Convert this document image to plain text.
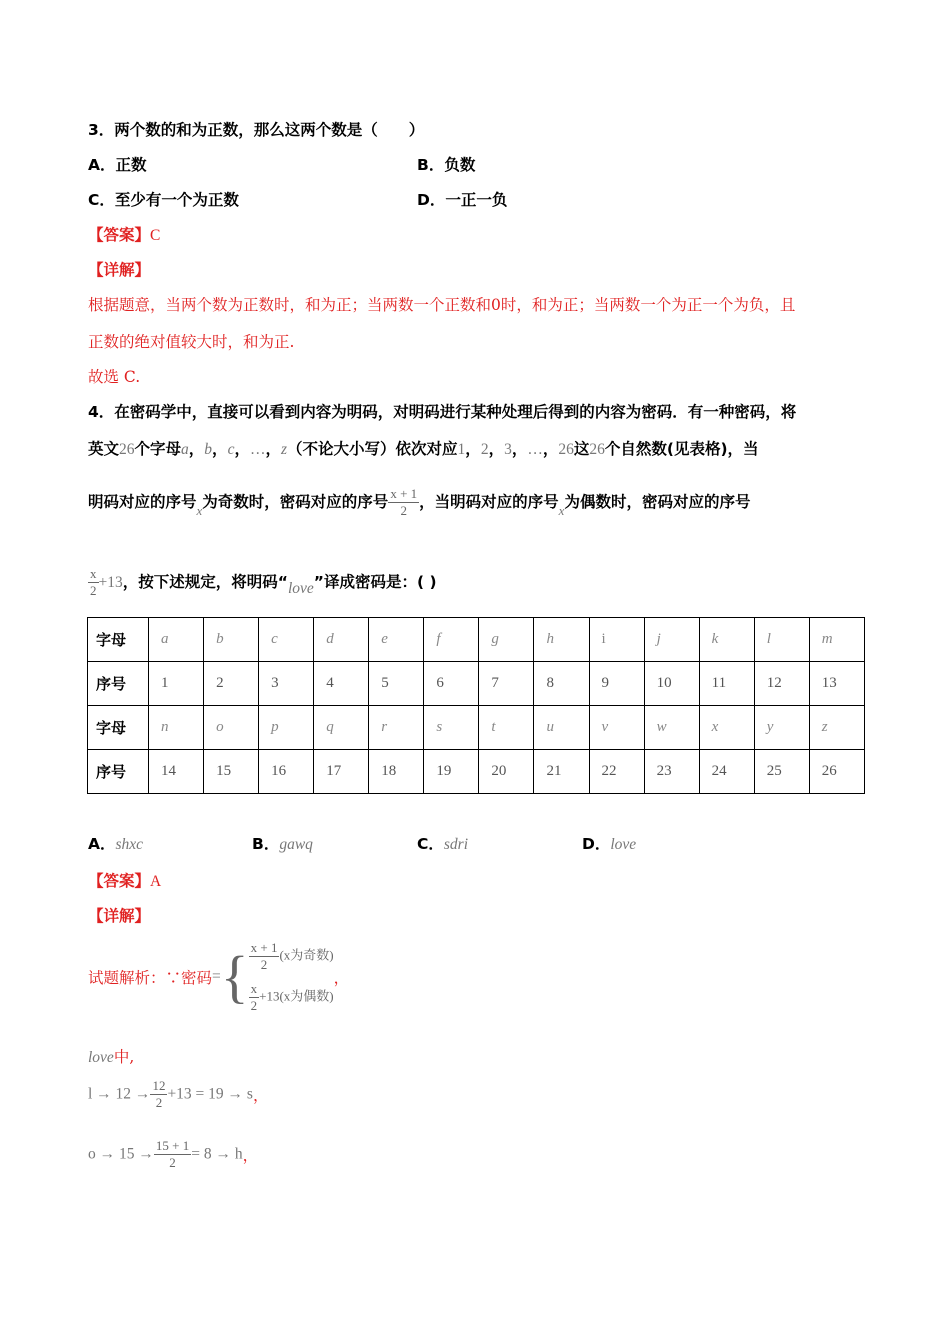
3．两个数的和为正数，那么这两个数是（　　）
A．正数	B．负数
C．至少有一个为正数	D．一正一负
【答案】C
【详解】
根据题意，当两个数为正数时，和为正；当两数一个正数和0时，和为正；当两数一个为正一个为负，且
正数的绝对值较大时，和为正.
故选 C.
4．在密码学中，直接可以看到内容为明码，对明码进行某种处理后得到的内容为密码．有一种密码，将
英文26个字母a，b，c，…，z（不论大小写）依次对应1，2，3，…，26这26个自然数(见表格)，当
明码对应的序号$_x$为奇数时，密码对应的序号 $\frac{x + 1}{2}$ ，当明码对应的序号$_x$为偶数时，密码对应的序号
$\frac{x}{2} +13$，按下述规定，将明码“love”译成密码是：( )
字母	a	b	c	d	e	f	g	h	i	j	k	l	m
序号	1	2	3	4	5	6	7	8	9	10	11	12	13
字母	n	o	p	q	r	s	t	u	v	w	x	y	z
序号	14	15	16	17	18	19	20	21	22	23	24	25	26
A．shxc	B．gawq	C．sdri	D．love
【答案】A
【详解】
试题解析：∵密码={ $\frac{x + 1}{2} (x$为奇数)
$\frac{x}{2} +13(x$为偶数)
，
love中,
$l \to 12 \to \frac{12}{2} +13 = 19 \to s$，
$o \to 15 \to \frac{15 + 1}{2} = 8 \to h$，
